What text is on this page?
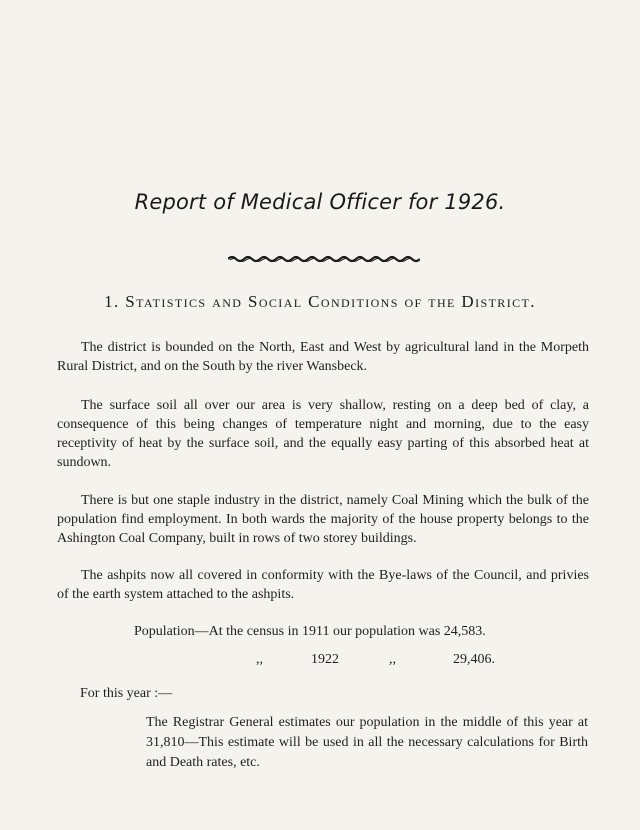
Report of Medical Officer for 1926.
1. Statistics and Social Conditions of the District.

The district is bounded on the North, East and West by agricultural land in the Morpeth Rural District, and on the South by the river Wansbeck.

The surface soil all over our area is very shallow, resting on a deep bed of clay, a consequence of this being changes of temperature night and morning, due to the easy receptivity of heat by the surface soil, and the equally easy parting of this absorbed heat at sundown.

There is but one staple industry in the district, namely Coal Mining which the bulk of the population find employment. In both wards the majority of the house property belongs to the Ashington Coal Company, built in rows of two storey buildings.

The ashpits now all covered in conformity with the Bye-laws of the Council, and privies of the earth system attached to the ashpits.

Population—At the census in 1911 our population was 24,583.
,,	1922	,,	29,406.
For this year :—

The Registrar General estimates our population in the middle of this year at 31,810—This estimate will be used in all the necessary calculations for Birth and Death rates, etc.
